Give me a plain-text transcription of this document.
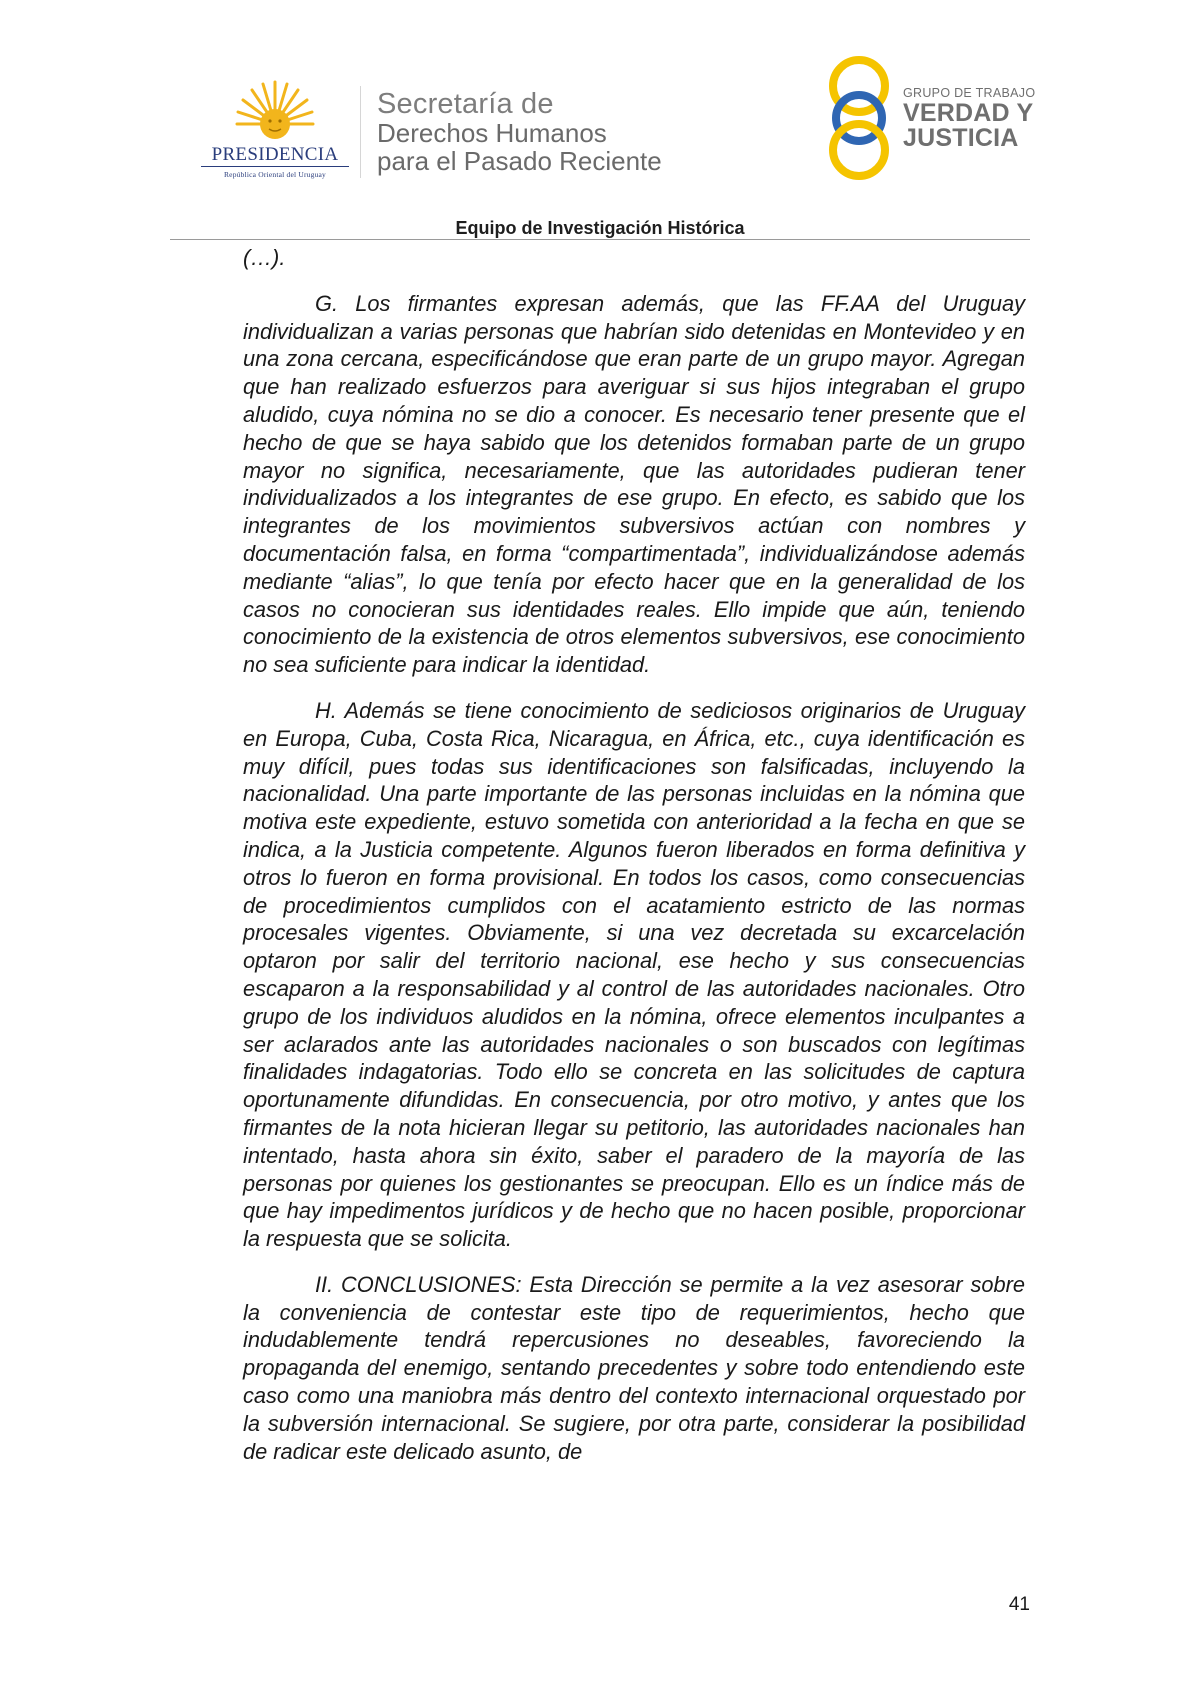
PRESIDENCIA
República Oriental del Uruguay
Secretaría de
Derechos Humanos
para el Pasado Reciente
GRUPO DE TRABAJO
VERDAD Y
JUSTICIA
Equipo de Investigación Histórica

(…).

G. Los firmantes expresan además, que las FF.AA del Uruguay individualizan a varias personas que habrían sido detenidas en Montevideo y en una zona cercana, especificándose que eran parte de un grupo mayor. Agregan que han realizado esfuerzos para averiguar si sus hijos integraban el grupo aludido, cuya nómina no se dio a conocer. Es necesario tener presente que el hecho de que se haya sabido que los detenidos formaban parte de un grupo mayor no significa, necesariamente, que las autoridades pudieran tener individualizados a los integrantes de ese grupo. En efecto, es sabido que los integrantes de los movimientos subversivos actúan con nombres y documentación falsa, en forma “compartimentada”, individualizándose además mediante “alias”, lo que tenía por efecto hacer que en la generalidad de los casos no conocieran sus identidades reales. Ello impide que aún, teniendo conocimiento de la existencia de otros elementos subversivos, ese conocimiento no sea suficiente para indicar la identidad.

H. Además se tiene conocimiento de sediciosos originarios de Uruguay en Europa, Cuba, Costa Rica, Nicaragua, en África, etc., cuya identificación es muy difícil, pues todas sus identificaciones son falsificadas, incluyendo la nacionalidad. Una parte importante de las personas incluidas en la nómina que motiva este expediente, estuvo sometida con anterioridad a la fecha en que se indica, a la Justicia competente. Algunos fueron liberados en forma definitiva y otros lo fueron en forma provisional. En todos los casos, como consecuencias de procedimientos cumplidos con el acatamiento estricto de las normas procesales vigentes. Obviamente, si una vez decretada su excarcelación optaron por salir del territorio nacional, ese hecho y sus consecuencias escaparon a la responsabilidad y al control de las autoridades nacionales. Otro grupo de los individuos aludidos en la nómina, ofrece elementos inculpantes a ser aclarados ante las autoridades nacionales o son buscados con legítimas finalidades indagatorias. Todo ello se concreta en las solicitudes de captura oportunamente difundidas. En consecuencia, por otro motivo, y antes que los firmantes de la nota hicieran llegar su petitorio, las autoridades nacionales han intentado, hasta ahora sin éxito, saber el paradero de la mayoría de las personas por quienes los gestionantes se preocupan. Ello es un índice más de que hay impedimentos jurídicos y de hecho que no hacen posible, proporcionar la respuesta que se solicita.

II. CONCLUSIONES: Esta Dirección se permite a la vez asesorar sobre la conveniencia de contestar este tipo de requerimientos, hecho que indudablemente tendrá repercusiones no deseables, favoreciendo la propaganda del enemigo, sentando precedentes y sobre todo entendiendo este caso como una maniobra más dentro del contexto internacional orquestado por la subversión internacional. Se sugiere, por otra parte, considerar la posibilidad de radicar este delicado asunto, de

41
